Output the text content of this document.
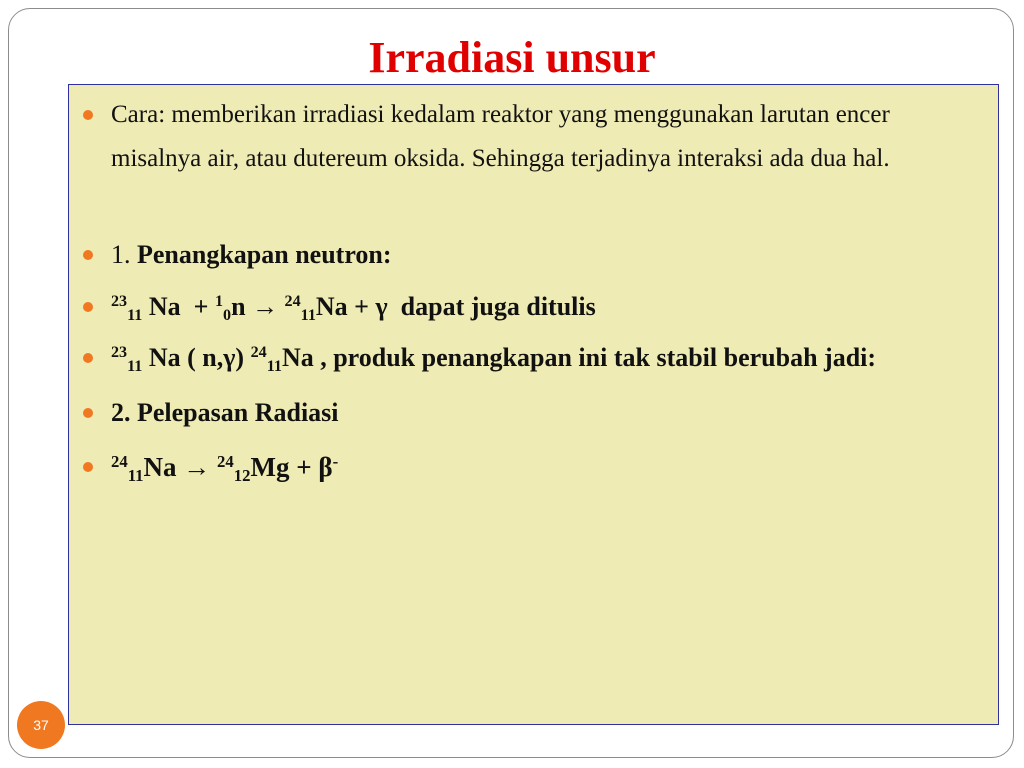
Irradiasi unsur
Cara: memberikan irradiasi kedalam reaktor yang menggunakan larutan encer misalnya air, atau dutereum oksida. Sehingga terjadinya interaksi ada dua hal.
1. Penangkapan neutron:
$^{23}_{11}$ Na + $^1_0$n → $^{24}_{11}$Na + γ dapat juga ditulis
$^{23}_{11}$ Na ( n,γ) $^{24}_{11}$Na , produk penangkapan ini tak stabil berubah jadi:
2. Pelepasan Radiasi
$^{24}_{11}$Na → $^{24}_{12}$Mg + β-
37
